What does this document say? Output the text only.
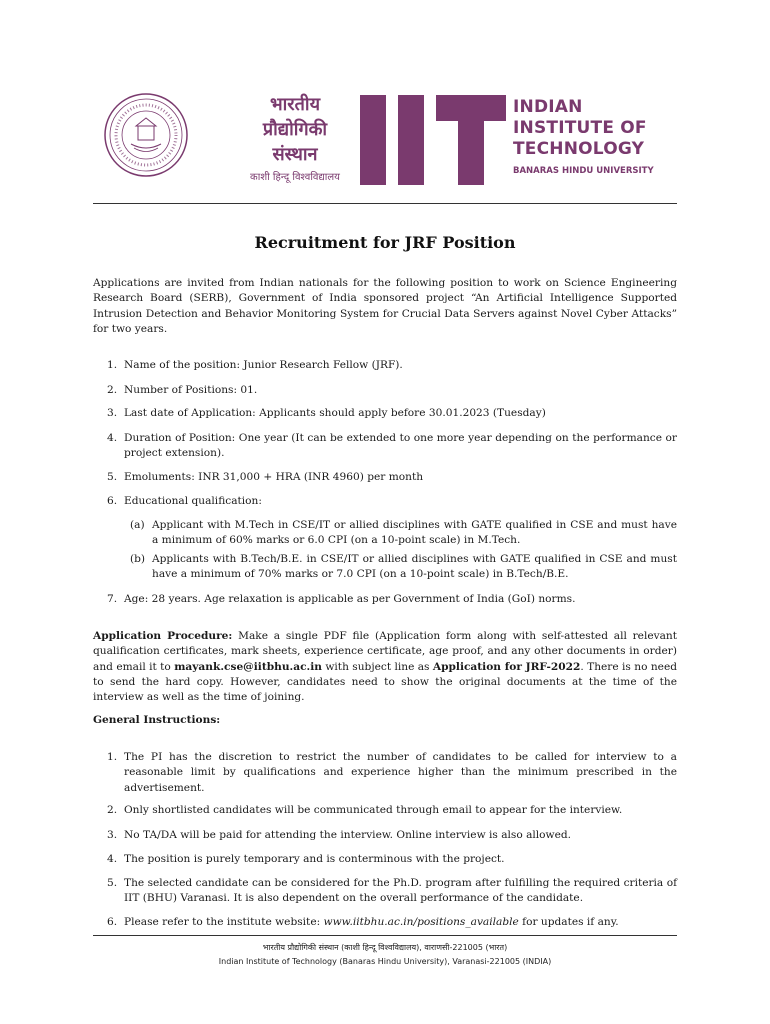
भारतीय
प्रौद्योगिकी
संस्थान
काशी हिन्दू विश्वविद्यालय
INDIAN
INSTITUTE OF
TECHNOLOGY
BANARAS HINDU UNIVERSITY
Recruitment for JRF Position
Applications are invited from Indian nationals for the following position to work on Science Engineering Research Board (SERB), Government of India sponsored project “An Artificial Intelligence Supported Intrusion Detection and Behavior Monitoring System for Crucial Data Servers against Novel Cyber Attacks” for two years.
1. Name of the position: Junior Research Fellow (JRF).
2. Number of Positions: 01.
3. Last date of Application: Applicants should apply before 30.01.2023 (Tuesday)
4. Duration of Position: One year (It can be extended to one more year depending on the performance or project extension).
5. Emoluments: INR 31,000 + HRA (INR 4960) per month
6. Educational qualification:
(a) Applicant with M.Tech in CSE/IT or allied disciplines with GATE qualified in CSE and must have a minimum of 60% marks or 6.0 CPI (on a 10-point scale) in M.Tech.
(b) Applicants with B.Tech/B.E. in CSE/IT or allied disciplines with GATE qualified in CSE and must have a minimum of 70% marks or 7.0 CPI (on a 10-point scale) in B.Tech/B.E.
7. Age: 28 years. Age relaxation is applicable as per Government of India (GoI) norms.
Application Procedure: Make a single PDF file (Application form along with self-attested all relevant qualification certificates, mark sheets, experience certificate, age proof, and any other documents in order) and email it to mayank.cse@iitbhu.ac.in with subject line as Application for JRF-2022. There is no need to send the hard copy. However, candidates need to show the original documents at the time of the interview as well as the time of joining.
General Instructions:
1. The PI has the discretion to restrict the number of candidates to be called for interview to a reasonable limit by qualifications and experience higher than the minimum prescribed in the advertisement.
2. Only shortlisted candidates will be communicated through email to appear for the interview.
3. No TA/DA will be paid for attending the interview. Online interview is also allowed.
4. The position is purely temporary and is conterminous with the project.
5. The selected candidate can be considered for the Ph.D. program after fulfilling the required criteria of IIT (BHU) Varanasi. It is also dependent on the overall performance of the candidate.
6. Please refer to the institute website: www.iitbhu.ac.in/positions_available for updates if any.
भारतीय प्रौद्योगिकी संस्थान (काशी हिन्दू विश्वविद्यालय), वाराणसी-221005 (भारत)
Indian Institute of Technology (Banaras Hindu University), Varanasi-221005 (INDIA)
